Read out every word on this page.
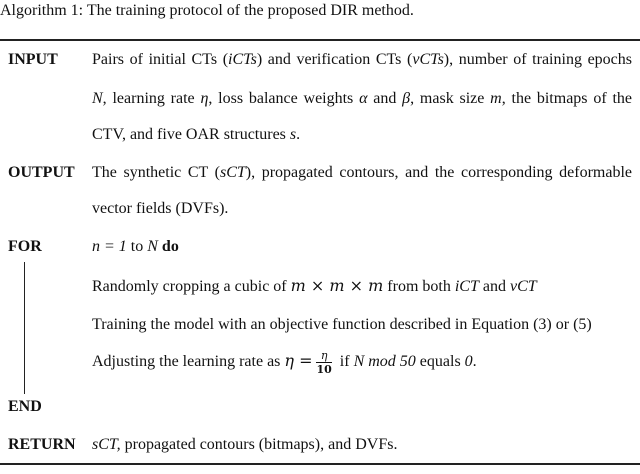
Algorithm 1: The training protocol of the proposed DIR method.
INPUT Pairs of initial CTs (iCTs) and verification CTs (vCTs), number of training epochs
N, learning rate η, loss balance weights α and β, mask size m, the bitmaps of the
CTV, and five OAR structures s.
OUTPUT The synthetic CT (sCT), propagated contours, and the corresponding deformable
vector fields (DVFs).
FOR	n = 1 to N do
Randomly cropping a cubic of m × m × m from both iCT and vCT
Training the model with an objective function described in Equation (3) or (5)
Adjusting the learning rate as $\eta = \frac{\eta}{10}$ if N mod 50 equals 0.
END
RETURN sCT, propagated contours (bitmaps), and DVFs.
